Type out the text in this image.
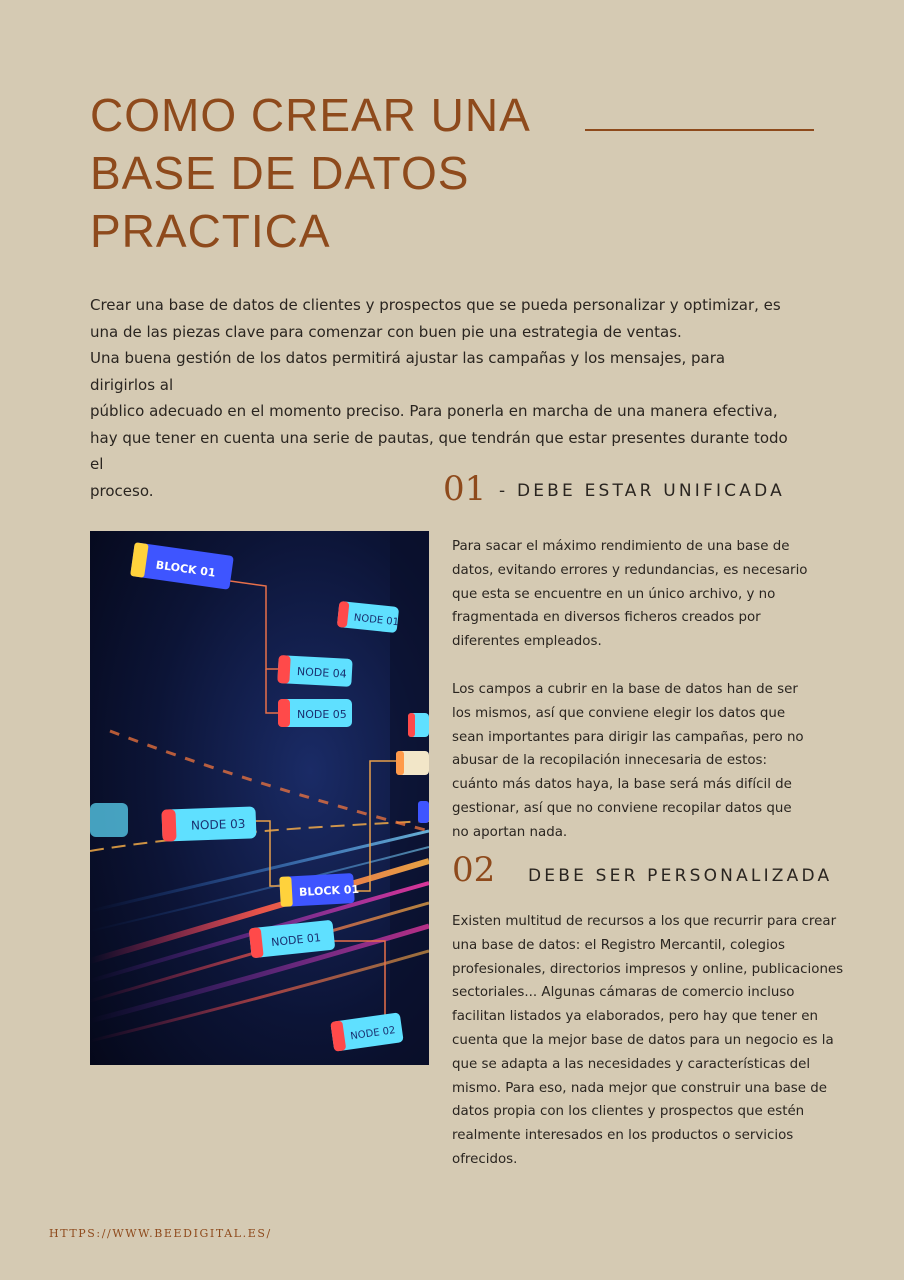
COMO CREAR UNA
BASE DE DATOS
PRACTICA

Crear una base de datos de clientes y prospectos que se pueda personalizar y optimizar, es
una de las piezas clave para comenzar con buen pie una estrategia de ventas.
Una buena gestión de los datos permitirá ajustar las campañas y los mensajes, para dirigirlos al
público adecuado en el momento preciso. Para ponerla en marcha de una manera efectiva,
hay que tener en cuenta una serie de pautas, que tendrán que estar presentes durante todo el
proceso.	01 - DEBE ESTAR UNIFICADA
BLOCK 01
NODE 01
NODE 04
NODE 05
NODE 03
BLOCK 01
NODE 01
NODE 02

Para sacar el máximo rendimiento de una base de
datos, evitando errores y redundancias, es necesario
que esta se encuentre en un único archivo, y no
fragmentada en diversos ficheros creados por
diferentes empleados.

Los campos a cubrir en la base de datos han de ser
los mismos, así que conviene elegir los datos que
sean importantes para dirigir las campañas, pero no
abusar de la recopilación innecesaria de estos:
cuánto más datos haya, la base será más difícil de
gestionar, así que no conviene recopilar datos que
no aportan nada.

02 DEBE SER PERSONALIZADA

Existen multitud de recursos a los que recurrir para crear
una base de datos: el Registro Mercantil, colegios
profesionales, directorios impresos y online, publicaciones
sectoriales... Algunas cámaras de comercio incluso
facilitan listados ya elaborados, pero hay que tener en
cuenta que la mejor base de datos para un negocio es la
que se adapta a las necesidades y características del
mismo. Para eso, nada mejor que construir una base de
datos propia con los clientes y prospectos que estén
realmente interesados en los productos o servicios
ofrecidos.

HTTPS://WWW.BEEDIGITAL.ES/
